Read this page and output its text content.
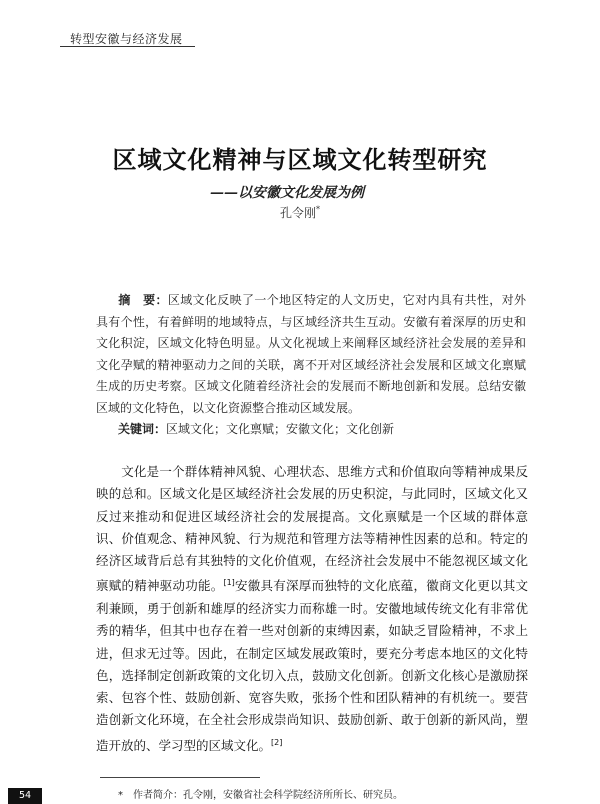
转型安徽与经济发展
区域文化精神与区域文化转型研究
——以安徽文化发展为例
孔令刚*

摘　要：区域文化反映了一个地区特定的人文历史，它对内具有共性，对外具有个性，有着鲜明的地域特点，与区域经济共生互动。安徽有着深厚的历史和文化积淀，区域文化特色明显。从文化视域上来阐释区域经济社会发展的差异和文化孕赋的精神驱动力之间的关联，离不开对区域经济社会发展和区域文化禀赋生成的历史考察。区域文化随着经济社会的发展而不断地创新和发展。总结安徽区域的文化特色，以文化资源整合推动区域发展。

关键词：区域文化；文化禀赋；安徽文化；文化创新

文化是一个群体精神风貌、心理状态、思维方式和价值取向等精神成果反映的总和。区域文化是区域经济社会发展的历史积淀，与此同时，区域文化又反过来推动和促进区域经济社会的发展提高。文化禀赋是一个区域的群体意识、价值观念、精神风貌、行为规范和管理方法等精神性因素的总和。特定的经济区域背后总有其独特的文化价值观，在经济社会发展中不能忽视区域文化禀赋的精神驱动功能。[1]安徽具有深厚而独特的文化底蕴，徽商文化更以其文利兼顾，勇于创新和雄厚的经济实力而称雄一时。安徽地域传统文化有非常优秀的精华，但其中也存在着一些对创新的束缚因素，如缺乏冒险精神，不求上进，但求无过等。因此，在制定区域发展政策时，要充分考虑本地区的文化特色，选择制定创新政策的文化切入点，鼓励文化创新。创新文化核心是激励探索、包容个性、鼓励创新、宽容失败，张扬个性和团队精神的有机统一。要营造创新文化环境，在全社会形成崇尚知识、鼓励创新、敢于创新的新风尚，塑造开放的、学习型的区域文化。[2]

*　 作者简介：孔令刚，安徽省社会科学院经济所所长、研究员。
54
